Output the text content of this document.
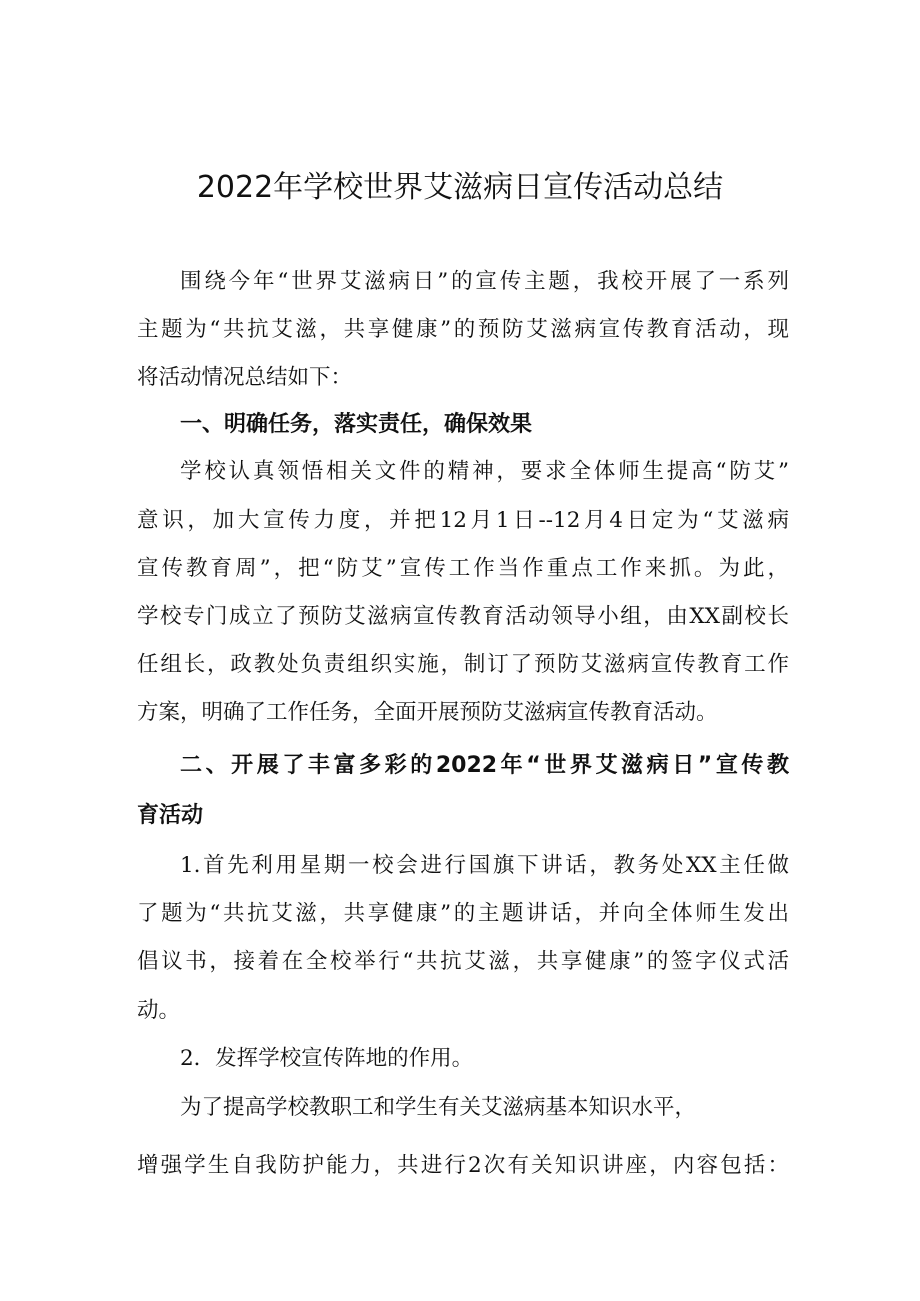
2022年学校世界艾滋病日宣传活动总结
围绕今年“世界艾滋病日”的宣传主题，我校开展了一系列
主题为“共抗艾滋，共享健康”的预防艾滋病宣传教育活动，现
将活动情况总结如下：
一、明确任务，落实责任，确保效果
学校认真领悟相关文件的精神，要求全体师生提高“防艾”
意识，加大宣传力度，并把12月1日--12月4日定为“艾滋病
宣传教育周”，把“防艾”宣传工作当作重点工作来抓。为此，
学校专门成立了预防艾滋病宣传教育活动领导小组，由XX副校长
任组长，政教处负责组织实施，制订了预防艾滋病宣传教育工作
方案，明确了工作任务，全面开展预防艾滋病宣传教育活动。
二、开展了丰富多彩的2022年“世界艾滋病日”宣传教
育活动
1.首先利用星期一校会进行国旗下讲话，教务处XX主任做
了题为“共抗艾滋，共享健康”的主题讲话，并向全体师生发出
倡议书，接着在全校举行“共抗艾滋，共享健康”的签字仪式活
动。
2．发挥学校宣传阵地的作用。
为了提高学校教职工和学生有关艾滋病基本知识水平，
增强学生自我防护能力，共进行2次有关知识讲座，内容包括：
